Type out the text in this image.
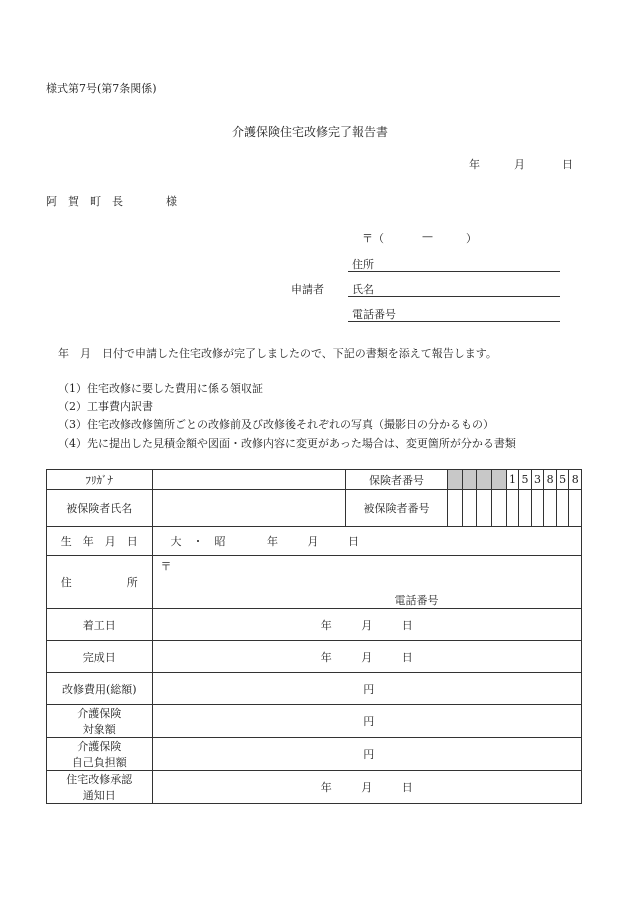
様式第7号(第7条関係)
介護保険住宅改修完了報告書
年	月	日
阿　賀　町　長	様
〒（	—	）
住所
申請者	氏名
電話番号
年　月　日付で申請した住宅改修が完了しましたので、下記の書類を添えて報告します。
（1）住宅改修に要した費用に係る領収証
（2）工事費内訳書
（3）住宅改修改修箇所ごとの改修前及び改修後それぞれの写真（撮影日の分かるもの）
（4）先に提出した見積金額や図面・改修内容に変更があった場合は、変更箇所が分かる書類
ﾌﾘｶﾞﾅ		保険者番号					1	5	3	8	5	8
被保険者氏名		被保険者番号										
生　年　月　日	大　・　昭 年 月 日											
住　　　　　所	〒
電話番号											

着工日	年 月 日											
完成日	年 月 日											
改修費用(総額)	円											

介護保険
対象額	円											

介護保険
自己負担額	円											

住宅改修承認
通知日	年 月 日											
